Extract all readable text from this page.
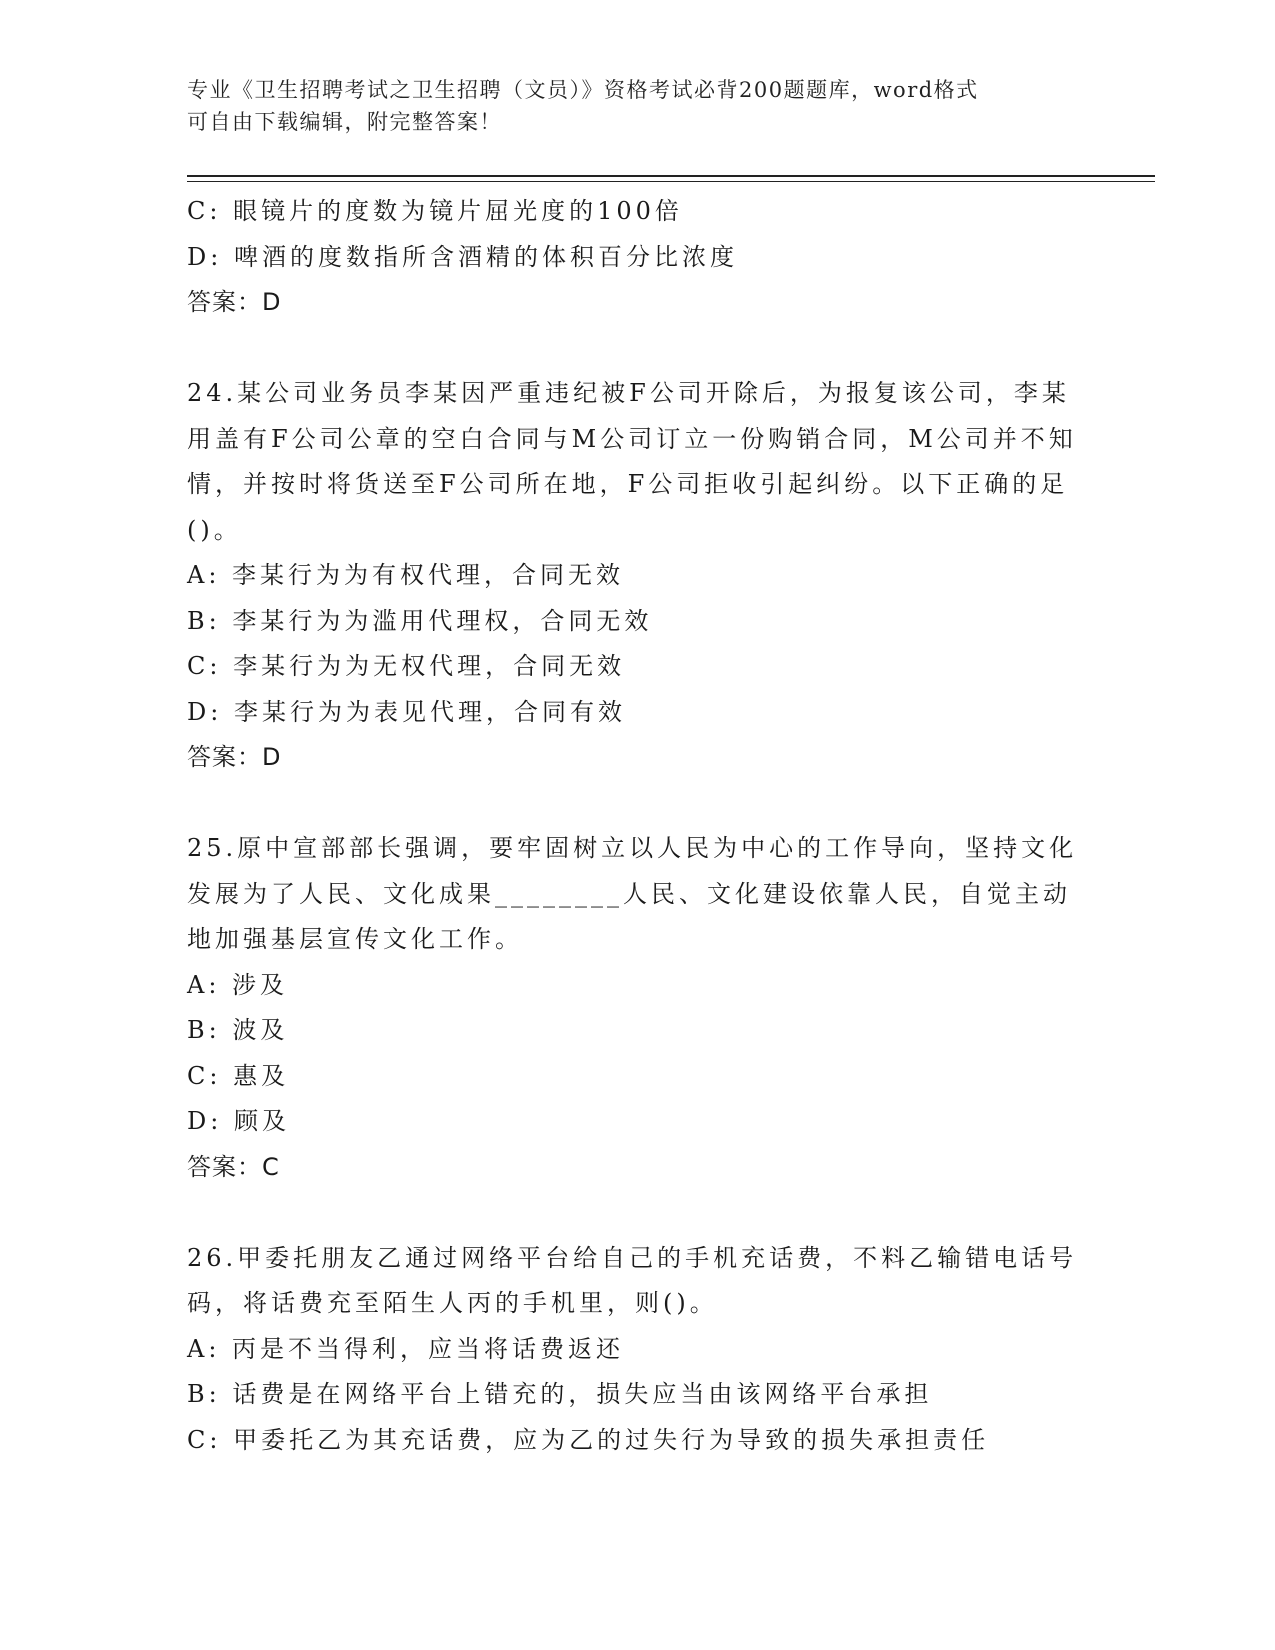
专业《卫生招聘考试之卫生招聘（文员）》资格考试必背200题题库，word格式
可自由下载编辑，附完整答案！

C: 眼镜片的度数为镜片屈光度的100倍

D: 啤酒的度数指所含酒精的体积百分比浓度

答案：D

24.某公司业务员李某因严重违纪被F公司开除后，为报复该公司，李某用盖有F公司公章的空白合同与M公司订立一份购销合同，M公司并不知情，并按时将货送至F公司所在地，F公司拒收引起纠纷。以下正确的足()。

A: 李某行为为有权代理，合同无效

B: 李某行为为滥用代理权，合同无效

C: 李某行为为无权代理，合同无效

D: 李某行为为表见代理，合同有效

答案：D

25.原中宣部部长强调，要牢固树立以人民为中心的工作导向，坚持文化发展为了人民、文化成果________人民、文化建设依靠人民，自觉主动地加强基层宣传文化工作。

A: 涉及

B: 波及

C: 惠及

D: 顾及

答案：C

26.甲委托朋友乙通过网络平台给自己的手机充话费，不料乙输错电话号码，将话费充至陌生人丙的手机里，则()。

A: 丙是不当得利，应当将话费返还

B: 话费是在网络平台上错充的，损失应当由该网络平台承担

C: 甲委托乙为其充话费，应为乙的过失行为导致的损失承担责任
